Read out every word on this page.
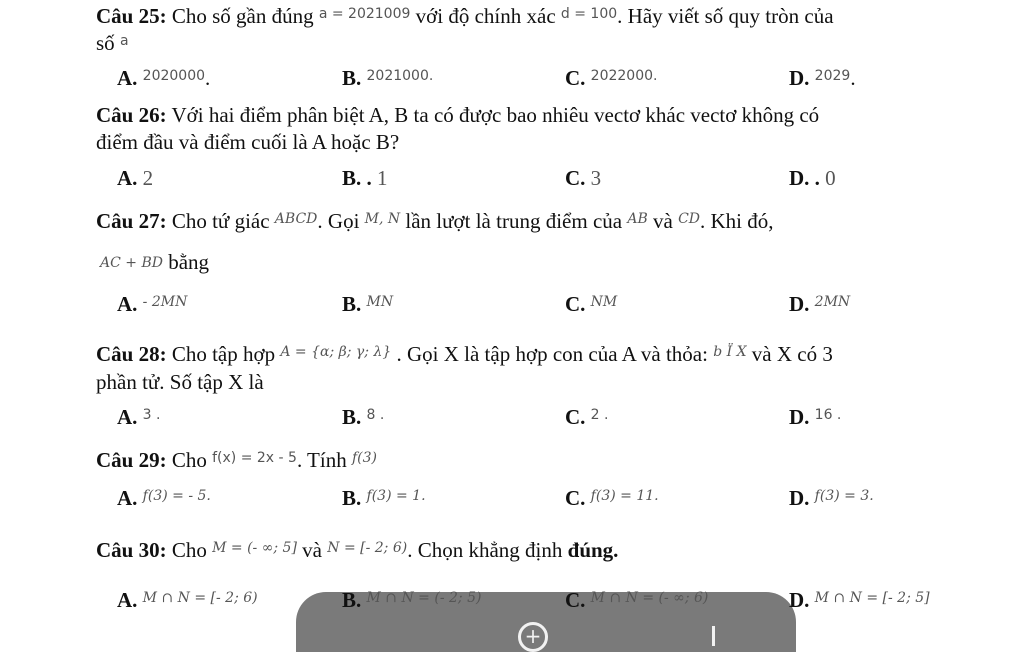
Câu 25: Cho số gần đúng $^{a = 2021009}$ với độ chính xác $^{d = 100}$. Hãy viết số quy tròn của
số $^a$
A. $^{2020000}$.	B. $^{2021000.}$	C. $^{2022000.}$	D. $^{2029}$.
Câu 26: Với hai điểm phân biệt A, B ta có được bao nhiêu vectơ khác vectơ không có
điểm đầu và điểm cuối là A hoặc B?
A. 2	B. . 1	C. 3	D. . 0
Câu 27: Cho tứ giác $^{ABCD}$. Gọi $^{M, N}$ lần lượt là trung điểm của $^{AB}$ và $^{CD}$. Khi đó,
AC + BD bằng
A. $^{- 2MN}$	B. $^{MN}$	C. $^{NM}$	D. $^{2MN}$
Câu 28: Cho tập hợp $^{A = \{\alpha; \beta; \gamma; \lambda\}}$ . Gọi X là tập hợp con của A và thỏa: $^{b Ï X}$ và X có 3
phần tử. Số tập X là
A. $^{3 .}$	B. $^{8 .}$	C. $^{2 .}$	D. $^{16 .}$
Câu 29: Cho $^{f(x) = 2x - 5}$. Tính $^{f(3)}$
A. $^{f(3) = - 5.}$	B. $^{f(3) = 1.}$	C. $^{f(3) = 11.}$	D. $^{f(3) = 3.}$
Câu 30: Cho $^{M = (- \infty; 5]}$ và $^{N = [- 2; 6)}$. Chọn khẳng định đúng.
+
A. $^{M \cap N = [- 2; 6)}$	B. $^{M \cap N = (- 2; 5)}$	C. $^{M \cap N = (- \infty; 6)}$	D. $^{M \cap N = [- 2; 5]}$
